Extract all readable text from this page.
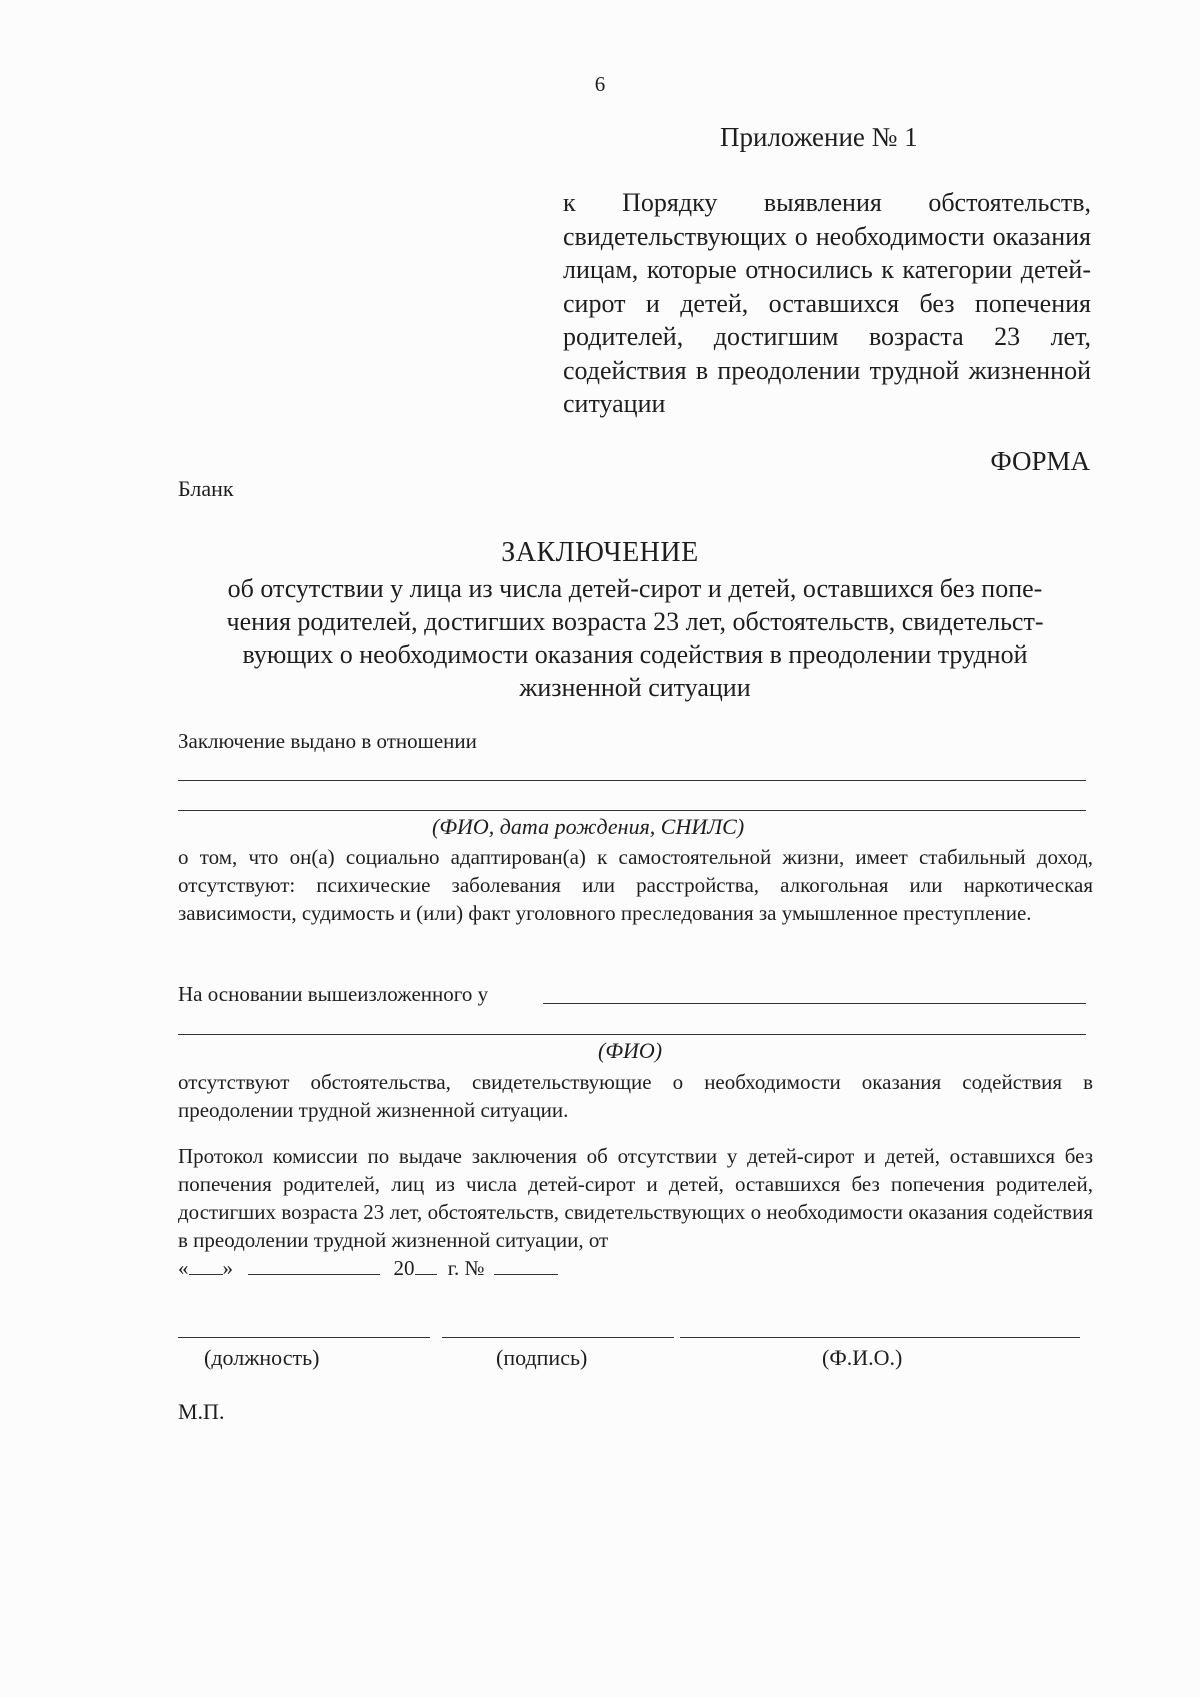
6
Приложение № 1
к Порядку выявления обстоятельств, свидетельствующих о необходимости оказания лицам, которые относились к категории детей-сирот и детей, оставшихся без попечения родителей, достигшим возраста 23 лет, содействия в преодолении трудной жизненной ситуации
ФОРМА
Бланк
ЗАКЛЮЧЕНИЕ
об отсутствии у лица из числа детей-сирот и детей, оставшихся без попе-
чения родителей, достигших возраста 23 лет, обстоятельств, свидетельст-
вующих о необходимости оказания содействия в преодолении трудной
жизненной ситуации
Заключение выдано в отношении
(ФИО, дата рождения, СНИЛС)
о том, что он(а) социально адаптирован(а) к самостоятельной жизни, имеет стабильный доход, отсутствуют: психические заболевания или расстройства, алкогольная или наркотическая зависимости, судимость и (или) факт уголовного преследования за умышленное преступление.
На основании вышеизложенного у
(ФИО)
отсутствуют обстоятельства, свидетельствующие о необходимости оказания содействия в преодолении трудной жизненной ситуации.
Протокол комиссии по выдаче заключения об отсутствии у детей-сирот и детей, оставшихся без попечения родителей, лиц из числа детей-сирот и детей, оставшихся без попечения родителей, достигших возраста 23 лет, обстоятельств, свидетельствующих о необходимости оказания содействия в преодолении трудной жизненной ситуации, от
« »	20 г. №
(должность)	(подпись)	(Ф.И.О.)
М.П.
